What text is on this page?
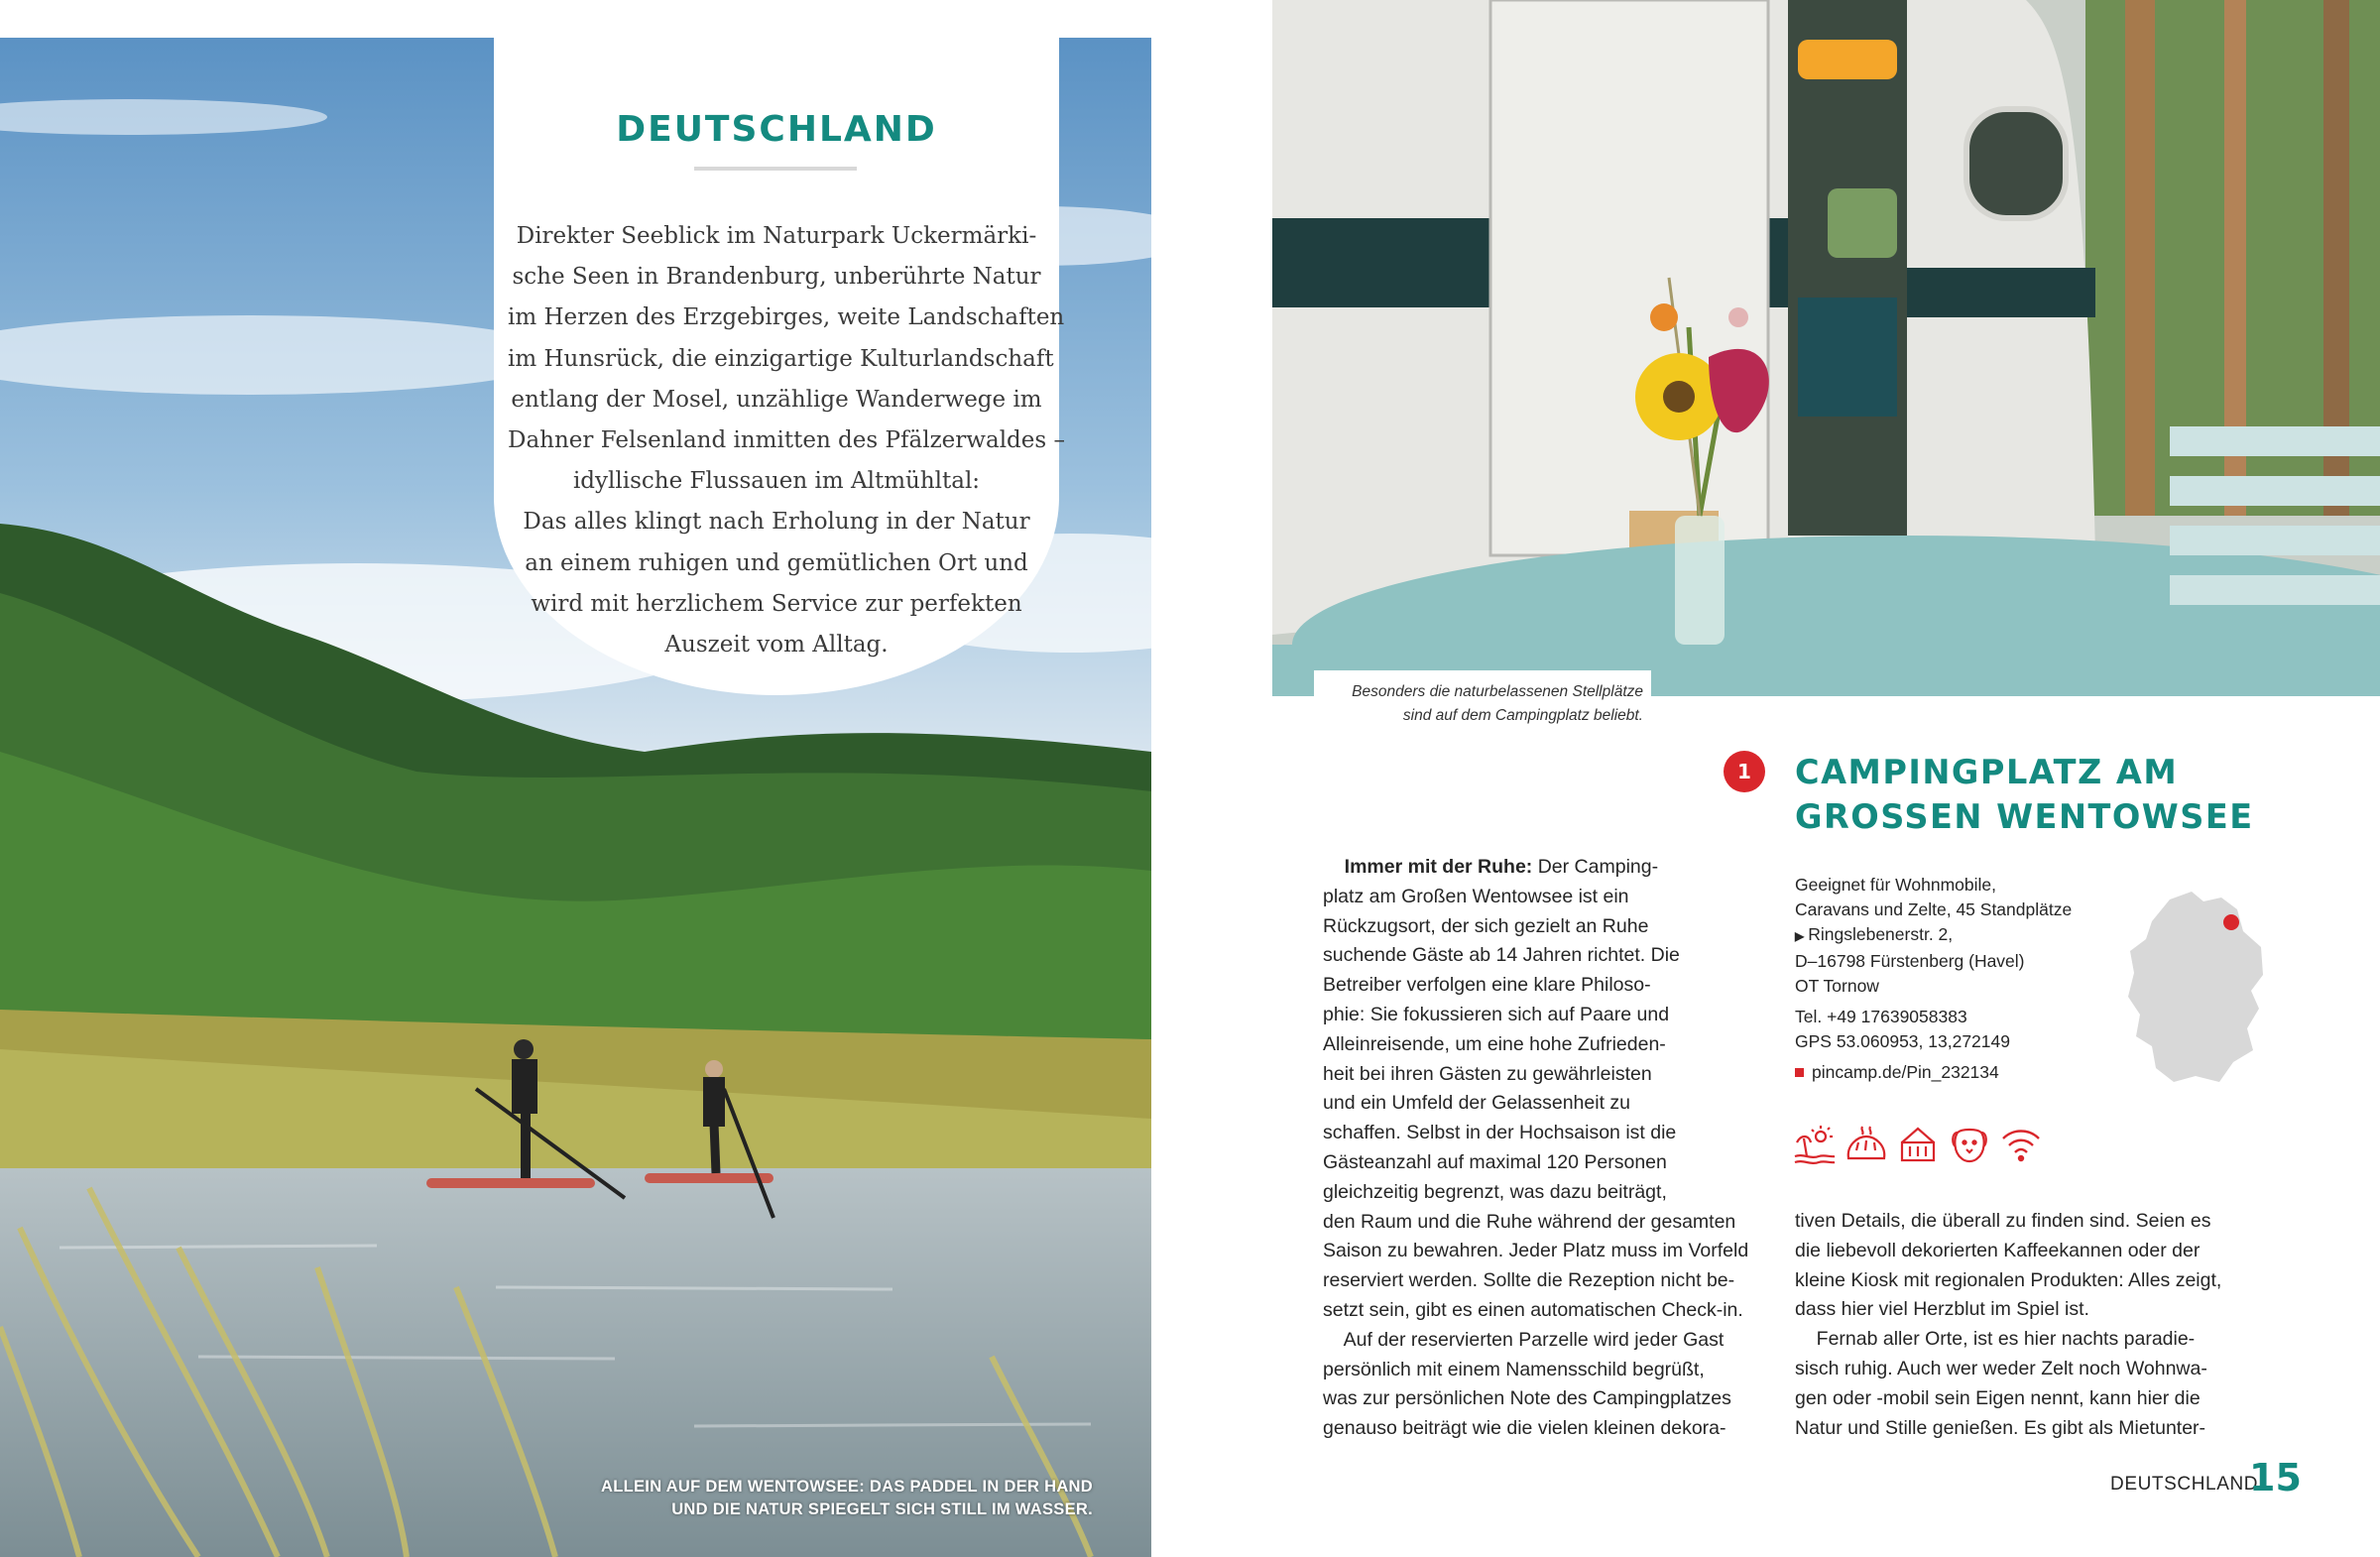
DEUTSCHLAND
Direkter Seeblick im Naturpark Uckermärki-
sche Seen in Brandenburg, unberührte Natur
im Herzen des Erzgebirges, weite Landschaften
im Hunsrück, die einzigartige Kulturlandschaft
entlang der Mosel, unzählige Wanderwege im
Dahner Felsenland inmitten des Pfälzerwaldes –
idyllische Flussauen im Altmühltal:
Das alles klingt nach Erholung in der Natur
an einem ruhigen und gemütlichen Ort und
wird mit herzlichem Service zur perfekten
Auszeit vom Alltag.
ALLEIN AUF DEM WENTOWSEE: DAS PADDEL IN DER HAND
UND DIE NATUR SPIEGELT SICH STILL IM WASSER.
Besonders die naturbelassenen Stellplätze
sind auf dem Campingplatz beliebt.
1	CAMPINGPLATZ AM
GROSSEN WENTOWSEE
Immer mit der Ruhe: Der Camping-
platz am Großen Wentowsee ist ein
Rückzugsort, der sich gezielt an Ruhe
suchende Gäste ab 14 Jahren richtet. Die
Betreiber verfolgen eine klare Philoso-
phie: Sie fokussieren sich auf Paare und
Alleinreisende, um eine hohe Zufrieden-
heit bei ihren Gästen zu gewährleisten
und ein Umfeld der Gelassenheit zu
schaffen. Selbst in der Hochsaison ist die
Gästeanzahl auf maximal 120 Personen
gleichzeitig begrenzt, was dazu beiträgt,
den Raum und die Ruhe während der gesamten
Saison zu bewahren. Jeder Platz muss im Vorfeld
reserviert werden. Sollte die Rezeption nicht be-
setzt sein, gibt es einen automatischen Check-in.
Auf der reservierten Parzelle wird jeder Gast
persönlich mit einem Namensschild begrüßt,
was zur persönlichen Note des Campingplatzes
genauso beiträgt wie die vielen kleinen dekora-
Geeignet für Wohnmobile,
Caravans und Zelte, 45 Standplätze
▶ Ringslebenerstr. 2,
D–16798 Fürstenberg (Havel)
OT Tornow
Tel. +49 17639058383
GPS 53.060953, 13,272149
pincamp.de/Pin_232134
tiven Details, die überall zu finden sind. Seien es
die liebevoll dekorierten Kaffeekannen oder der
kleine Kiosk mit regionalen Produkten: Alles zeigt,
dass hier viel Herzblut im Spiel ist.
Fernab aller Orte, ist es hier nachts paradie-
sisch ruhig. Auch wer weder Zelt noch Wohnwa-
gen oder -mobil sein Eigen nennt, kann hier die
Natur und Stille genießen. Es gibt als Mietunter-
DEUTSCHLAND
15
